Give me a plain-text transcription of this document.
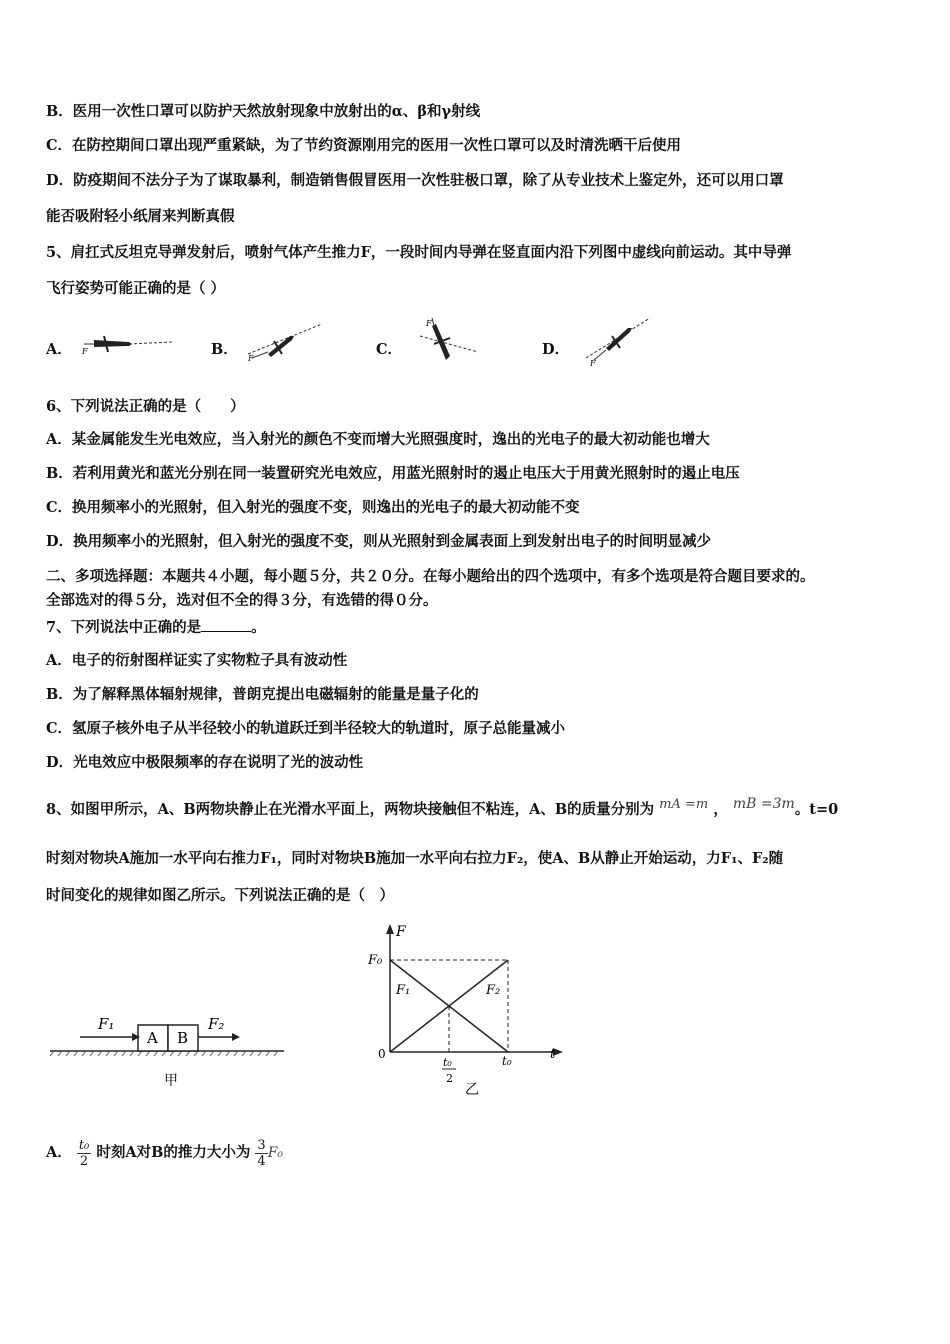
B．医用一次性口罩可以防护天然放射现象中放射出的α、β和γ射线
C．在防控期间口罩出现严重紧缺，为了节约资源刚用完的医用一次性口罩可以及时清洗晒干后使用
D．防疫期间不法分子为了谋取暴利，制造销售假冒医用一次性驻极口罩，除了从专业技术上鉴定外，还可以用口罩
能否吸附轻小纸屑来判断真假
5、肩扛式反坦克导弹发射后，喷射气体产生推力F，一段时间内导弹在竖直面内沿下列图中虚线向前运动。其中导弹
飞行姿势可能正确的是（ ）
A． F	B．
F
C．
F
D．
F
6、下列说法正确的是（　　）
A．某金属能发生光电效应，当入射光的颜色不变而增大光照强度时，逸出的光电子的最大初动能也增大
B．若利用黄光和蓝光分别在同一装置研究光电效应，用蓝光照射时的遏止电压大于用黄光照射时的遏止电压
C．换用频率小的光照射，但入射光的强度不变，则逸出的光电子的最大初动能不变
D．换用频率小的光照射，但入射光的强度不变，则从光照射到金属表面上到发射出电子的时间明显减少
二、多项选择题：本题共４小题，每小题５分，共２０分。在每小题给出的四个选项中，有多个选项是符合题目要求的。
全部选对的得５分，选对但不全的得３分，有选错的得０分。
7、下列说法中正确的是	。
A．电子的衍射图样证实了实物粒子具有波动性
B．为了解释黑体辐射规律，普朗克提出电磁辐射的能量是量子化的
C．氢原子核外电子从半径较小的轨道跃迁到半径较大的轨道时，原子总能量减小
D．光电效应中极限频率的存在说明了光的波动性
8、如图甲所示，A、B两物块静止在光滑水平面上，两物块接触但不粘连，A、B的质量分别为 mA =m ， mB =3m。t=0
时刻对物块A施加一水平向右推力F₁，同时对物块B施加一水平向右拉力F₂，使A、B从静止开始运动，力F₁、F₂随
时间变化的规律如图乙所示。下列说法正确的是（　）
A B
F₁	F₂
甲
F
F₀
F₁	F₂
0	t
t₀
t₀
2
乙
A． $\frac{\text{t₀}}{2}$ 时刻A对B的推力大小为 $\frac{3}{4} F_0$
